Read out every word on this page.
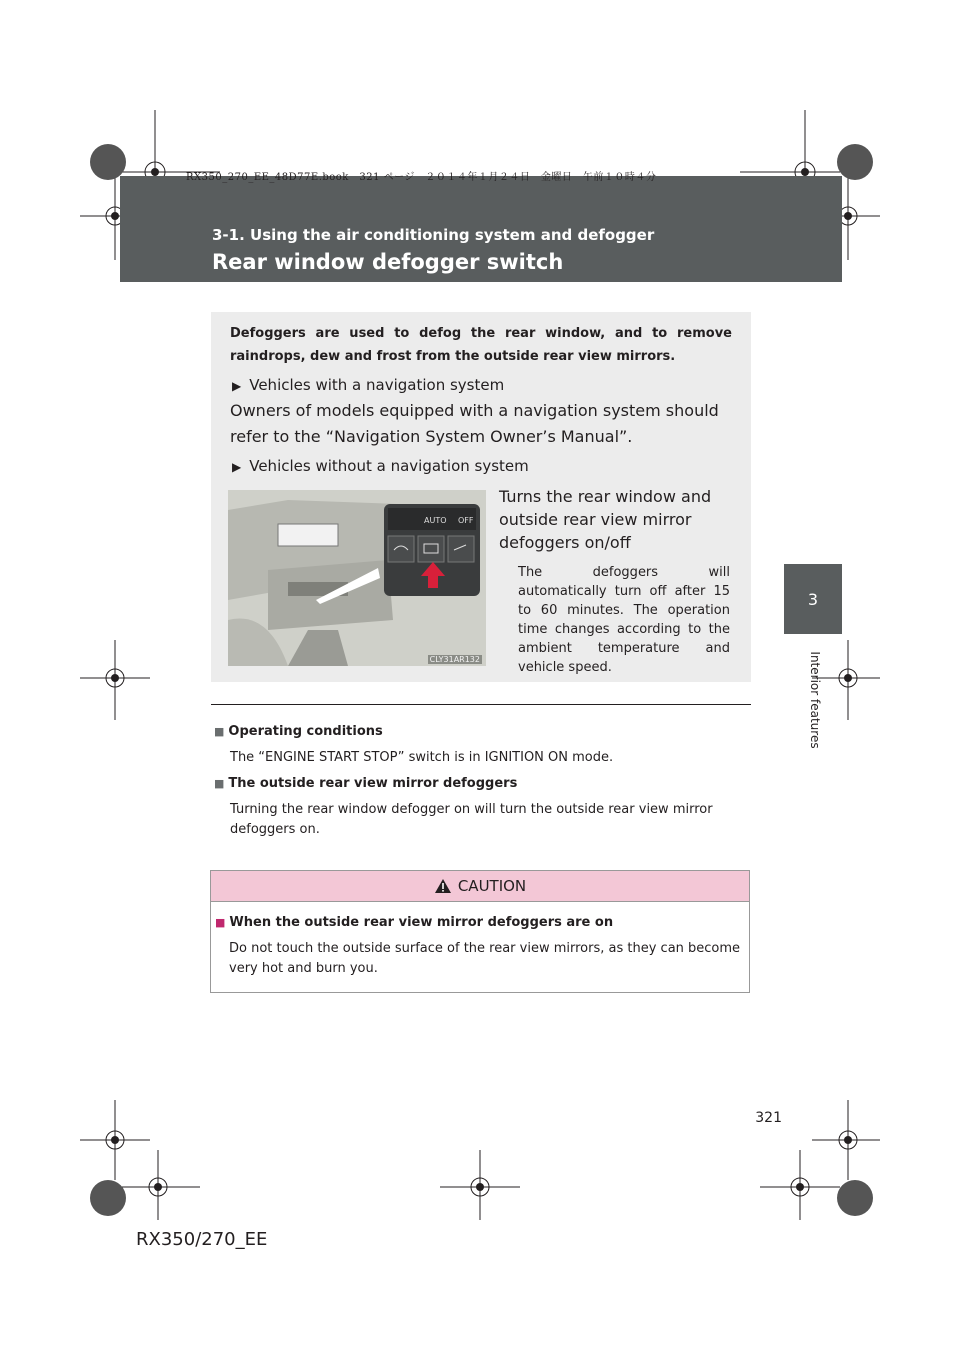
RX350_270_EE_48D77E.book　321 ページ　２０１４年１月２４日　金曜日　午前１０時４分
3-1. Using the air conditioning system and defogger
Rear window defogger switch
3
Interior features
Defoggers are used to defog the rear window, and to remove raindrops, dew and frost from the outside rear view mirrors.
▶ Vehicles with a navigation system
Owners of models equipped with a navigation system should refer to the “Navigation System Owner’s Manual”.
▶ Vehicles without a navigation system
AUTO OFF
CLY31AR132
Turns the rear window and outside rear view mirror defoggers on/off
The defoggers will automatically turn off after 15 to 60 minutes. The operation time changes according to the ambient temperature and vehicle speed.
■ Operating conditions
The “ENGINE START STOP” switch is in IGNITION ON mode.
■ The outside rear view mirror defoggers
Turning the rear window defogger on will turn the outside rear view mirror defoggers on.
CAUTION
■ When the outside rear view mirror defoggers are on
Do not touch the outside surface of the rear view mirrors, as they can become very hot and burn you.
321
RX350/270_EE
